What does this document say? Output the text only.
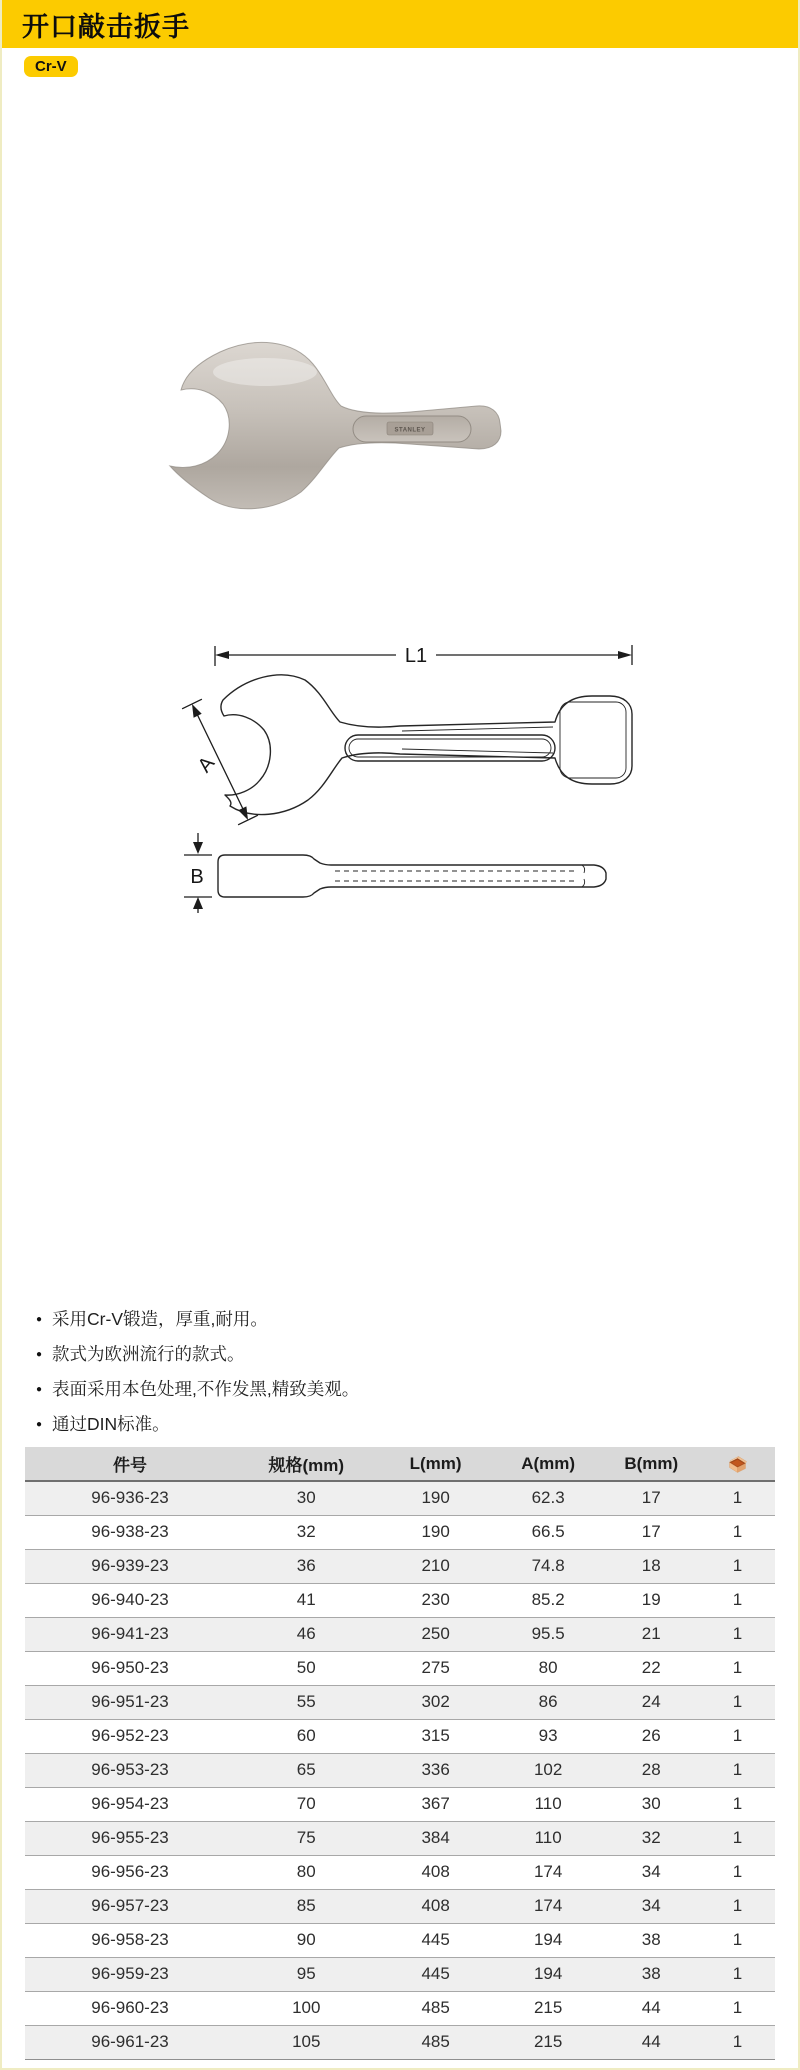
开口敲击扳手
Cr-V
STANLEY
L1
A
B
● 采用Cr-V锻造，厚重,耐用。
● 款式为欧洲流行的款式。
● 表面采用本色处理,不作发黑,精致美观。
● 通过DIN标准。
件号	规格(mm)	L(mm)	A(mm)	B(mm)	
96-936-23	30	190	62.3	17	1
96-938-23	32	190	66.5	17	1
96-939-23	36	210	74.8	18	1
96-940-23	41	230	85.2	19	1
96-941-23	46	250	95.5	21	1
96-950-23	50	275	80	22	1
96-951-23	55	302	86	24	1
96-952-23	60	315	93	26	1
96-953-23	65	336	102	28	1
96-954-23	70	367	110	30	1
96-955-23	75	384	110	32	1
96-956-23	80	408	174	34	1
96-957-23	85	408	174	34	1
96-958-23	90	445	194	38	1
96-959-23	95	445	194	38	1
96-960-23	100	485	215	44	1
96-961-23	105	485	215	44	1
